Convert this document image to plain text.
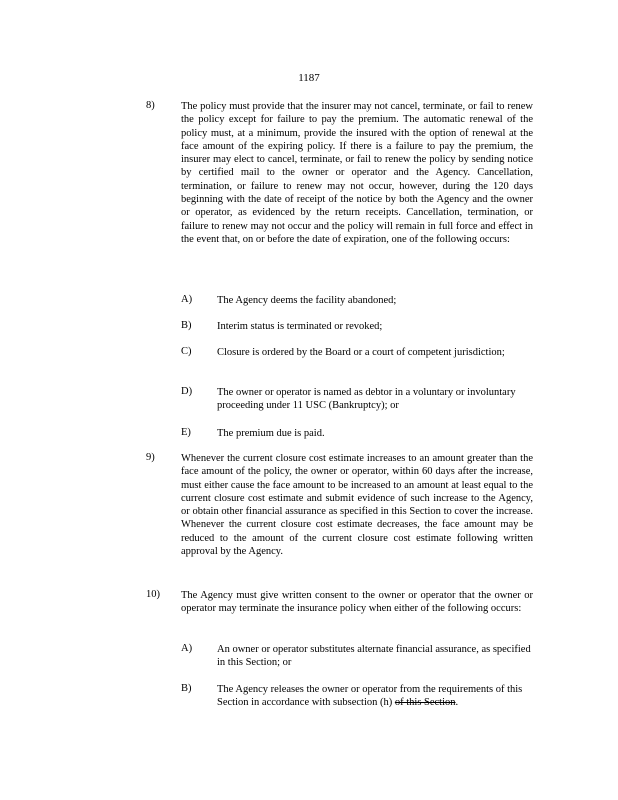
1187
8)	The policy must provide that the insurer may not cancel, terminate, or fail to renew the policy except for failure to pay the premium. The automatic renewal of the policy must, at a minimum, provide the insured with the option of renewal at the face amount of the expiring policy. If there is a failure to pay the premium, the insurer may elect to cancel, terminate, or fail to renew the policy by sending notice by certified mail to the owner or operator and the Agency. Cancellation, termination, or failure to renew may not occur, however, during the 120 days beginning with the date of receipt of the notice by both the Agency and the owner or operator, as evidenced by the return receipts. Cancellation, termination, or failure to renew may not occur and the policy will remain in full force and effect in the event that, on or before the date of expiration, one of the following occurs:
A) The Agency deems the facility abandoned;
B) Interim status is terminated or revoked;
C) Closure is ordered by the Board or a court of competent jurisdiction;
D) The owner or operator is named as debtor in a voluntary or involuntary proceeding under 11 USC (Bankruptcy); or
E) The premium due is paid.
9)	Whenever the current closure cost estimate increases to an amount greater than the face amount of the policy, the owner or operator, within 60 days after the increase, must either cause the face amount to be increased to an amount at least equal to the current closure cost estimate and submit evidence of such increase to the Agency, or obtain other financial assurance as specified in this Section to cover the increase. Whenever the current closure cost estimate decreases, the face amount may be reduced to the amount of the current closure cost estimate following written approval by the Agency.
10) The Agency must give written consent to the owner or operator that the owner or operator may terminate the insurance policy when either of the following occurs:
A) An owner or operator substitutes alternate financial assurance, as specified in this Section; or
B) The Agency releases the owner or operator from the requirements of this Section in accordance with subsection (h) of this Section.
